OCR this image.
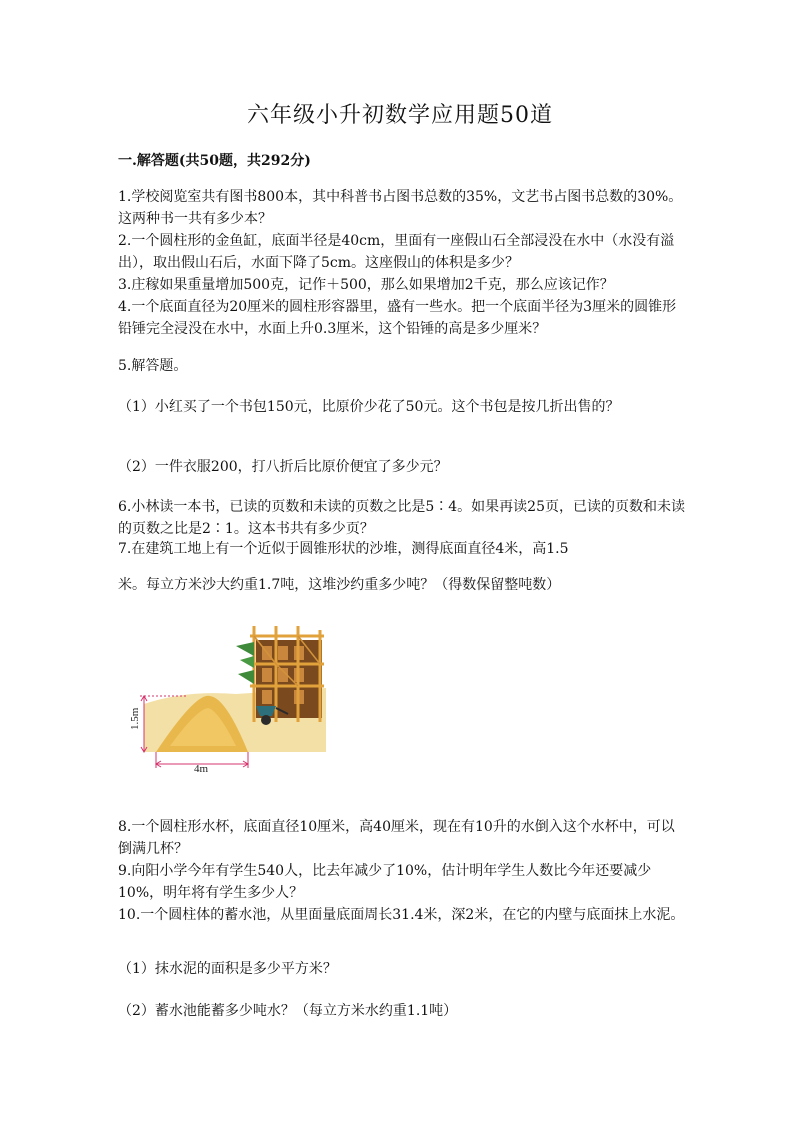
六年级小升初数学应用题50道
一.解答题(共50题，共292分)

1.学校阅览室共有图书800本，其中科普书占图书总数的35%，文艺书占图书总数的30%。这两种书一共有多少本？

2.一个圆柱形的金鱼缸，底面半径是40cm，里面有一座假山石全部浸没在水中（水没有溢出），取出假山石后，水面下降了5cm。这座假山的体积是多少？

3.庄稼如果重量增加500克，记作＋500，那么如果增加2千克，那么应该记作？

4.一个底面直径为20厘米的圆柱形容器里，盛有一些水。把一个底面半径为3厘米的圆锥形铅锤完全浸没在水中，水面上升0.3厘米，这个铅锤的高是多少厘米？

5.解答题。

（1）小红买了一个书包150元，比原价少花了50元。这个书包是按几折出售的？

（2）一件衣服200，打八折后比原价便宜了多少元？

6.小林读一本书，已读的页数和未读的页数之比是5∶4。如果再读25页，已读的页数和未读的页数之比是2∶1。这本书共有多少页？

7.在建筑工地上有一个近似于圆锥形状的沙堆，测得底面直径4米，高1.5

米。每立方米沙大约重1.7吨，这堆沙约重多少吨？（得数保留整吨数）

1.5m
4m

8.一个圆柱形水杯，底面直径10厘米，高40厘米，现在有10升的水倒入这个水杯中，可以倒满几杯？

9.向阳小学今年有学生540人，比去年减少了10%，估计明年学生人数比今年还要减少10%，明年将有学生多少人？

10.一个圆柱体的蓄水池，从里面量底面周长31.4米，深2米，在它的内壁与底面抹上水泥。

（1）抹水泥的面积是多少平方米？

（2）蓄水池能蓄多少吨水？（每立方米水约重1.1吨）
